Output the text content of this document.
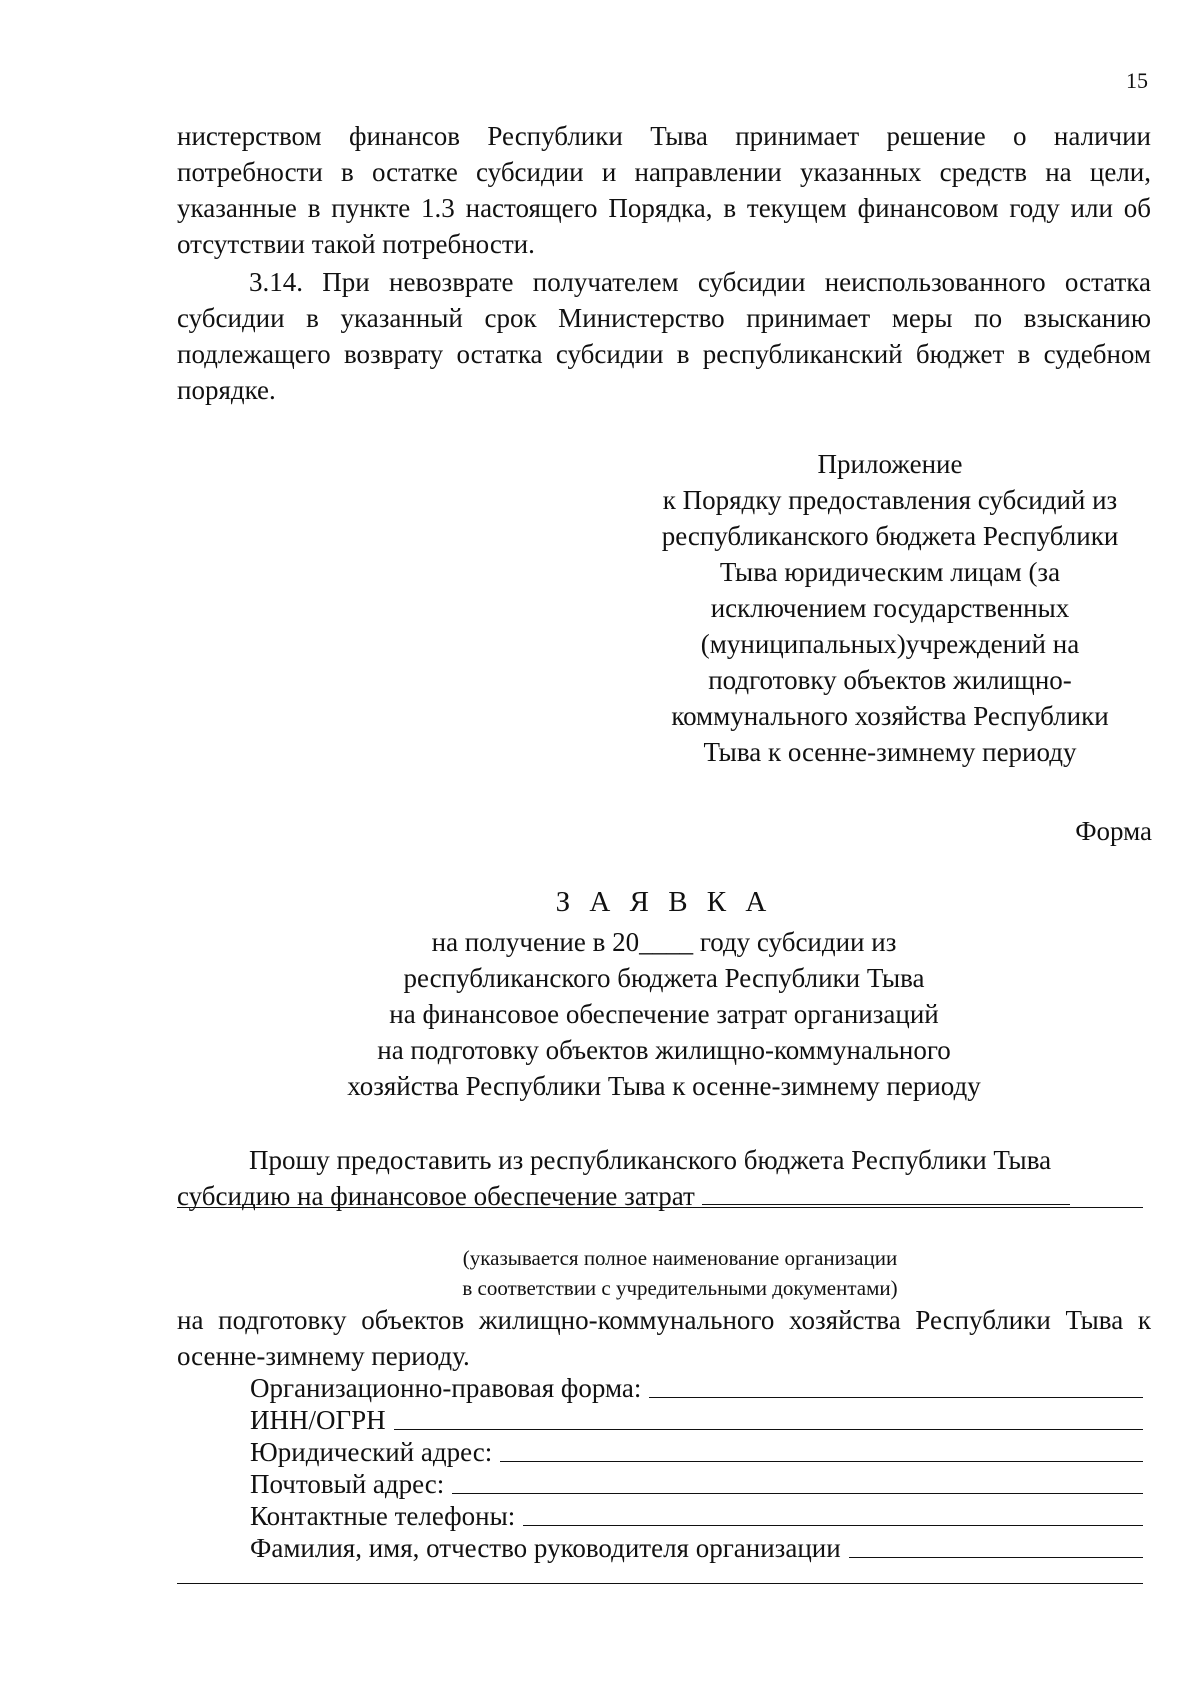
15

нистерством финансов Республики Тыва принимает решение о наличии потребности в остатке субсидии и направлении указанных средств на цели, указанные в пункте 1.3 настоящего Порядка, в текущем финансовом году или об отсутствии такой потребности.

3.14. При невозврате получателем субсидии неиспользованного остатка субсидии в указанный срок Министерство принимает меры по взысканию подлежащего возврату остатка субсидии в республиканский бюджет в судебном порядке.

Приложение
к Порядку предоставления субсидий из
республиканского бюджета Республики
Тыва юридическим лицам (за
исключением государственных
(муниципальных)учреждений на
подготовку объектов жилищно-
коммунального хозяйства Республики
Тыва к осенне-зимнему периоду
Форма
З А Я В К А
на получение в 20____ году субсидии из
республиканского бюджета Республики Тыва
на финансовое обеспечение затрат организаций
на подготовку объектов жилищно-коммунального
хозяйства Республики Тыва к осенне-зимнему периоду

Прошу предоставить из республиканского бюджета Республики Тыва субсидию на финансовое обеспечение затрат

(указывается полное наименование организации
в соответствии с учредительными документами)

на подготовку объектов жилищно-коммунального хозяйства Республики Тыва к осенне-зимнему периоду.

Организационно-правовая форма:
ИНН/ОГРН
Юридический адрес:
Почтовый адрес:
Контактные телефоны:
Фамилия, имя, отчество руководителя организации
